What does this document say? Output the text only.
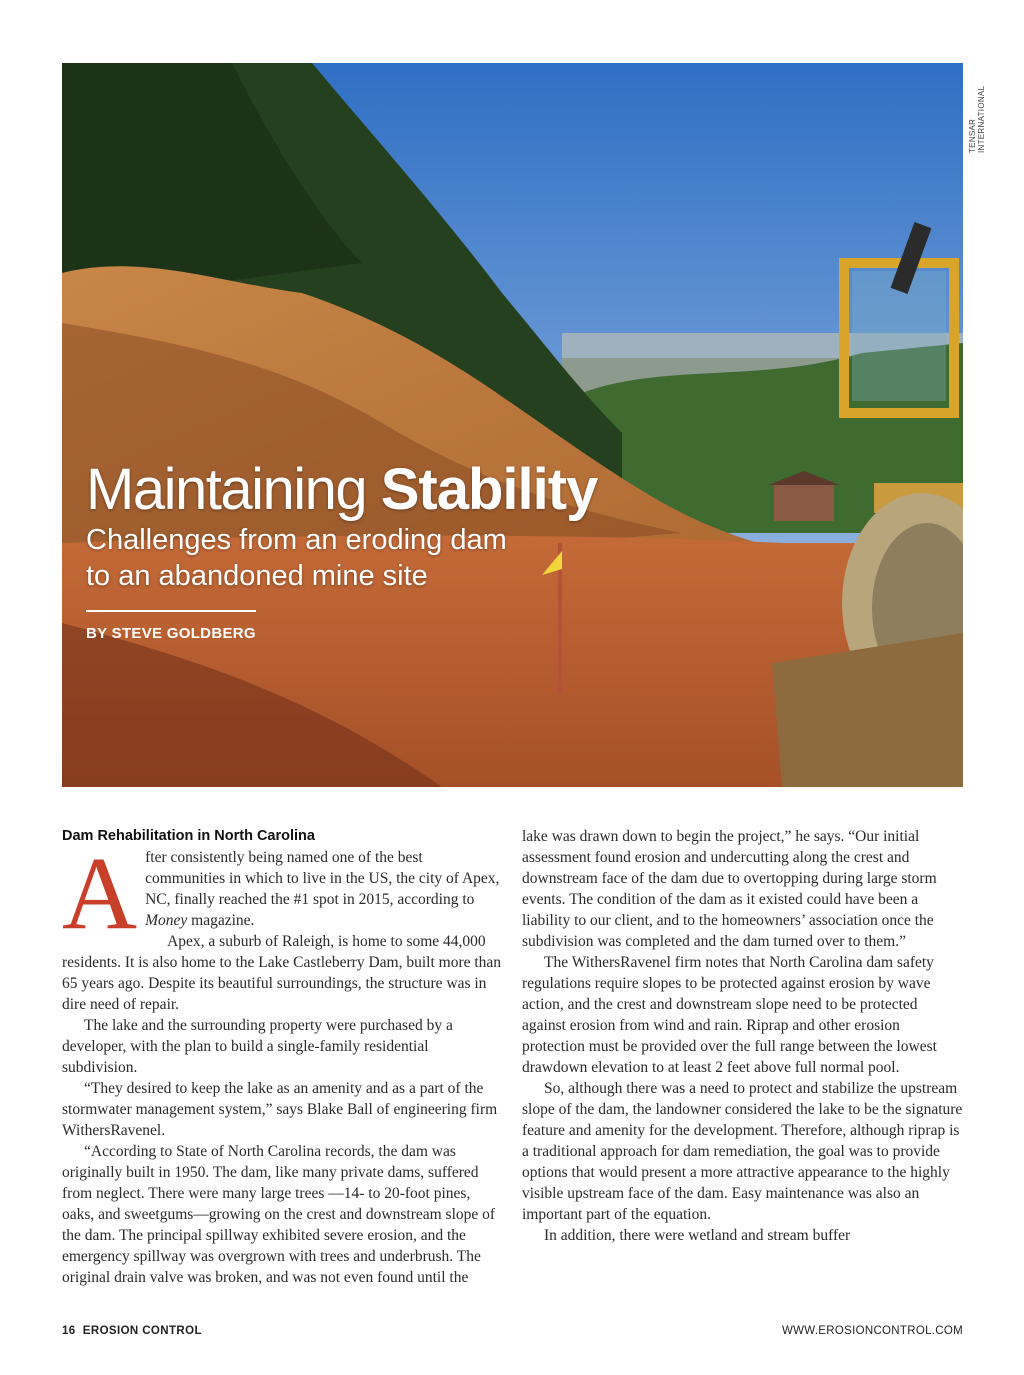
TENSAR INTERNATIONAL
Maintaining Stability
Challenges from an eroding dam
to an abandoned mine site
BY STEVE GOLDBERG
Dam Rehabilitation in North Carolina

After consistently being named one of the best communities in which to live in the US, the city of Apex, NC, finally reached the #1 spot in 2015, according to Money magazine.

Apex, a suburb of Raleigh, is home to some 44,000 residents. It is also home to the Lake Castleberry Dam, built more than 65 years ago. Despite its beautiful surroundings, the structure was in dire need of repair.

The lake and the surrounding property were purchased by a developer, with the plan to build a single-family residential subdivision.

“They desired to keep the lake as an amenity and as a part of the stormwater management system,” says Blake Ball of engineering firm WithersRavenel.

“According to State of North Carolina records, the dam was originally built in 1950. The dam, like many private dams, suffered from neglect. There were many large trees —14- to 20-foot pines, oaks, and sweetgums—growing on the crest and downstream slope of the dam. The principal spillway exhibited severe erosion, and the emergency spillway was overgrown with trees and underbrush. The original drain valve was broken, and was not even found until the

lake was drawn down to begin the project,” he says. “Our initial assessment found erosion and undercutting along the crest and downstream face of the dam due to overtopping during large storm events. The condition of the dam as it existed could have been a liability to our client, and to the homeowners’ association once the subdivision was completed and the dam turned over to them.”

The WithersRavenel firm notes that North Carolina dam safety regulations require slopes to be protected against erosion by wave action, and the crest and downstream slope need to be protected against erosion from wind and rain. Riprap and other erosion protection must be provided over the full range between the lowest drawdown elevation to at least 2 feet above full normal pool.

So, although there was a need to protect and stabilize the upstream slope of the dam, the landowner considered the lake to be the signature feature and amenity for the development. Therefore, although riprap is a traditional approach for dam remediation, the goal was to provide options that would present a more attractive appearance to the highly visible upstream face of the dam. Easy maintenance was also an important part of the equation.

In addition, there were wetland and stream buffer

16 EROSION CONTROL	WWW.EROSIONCONTROL.COM
